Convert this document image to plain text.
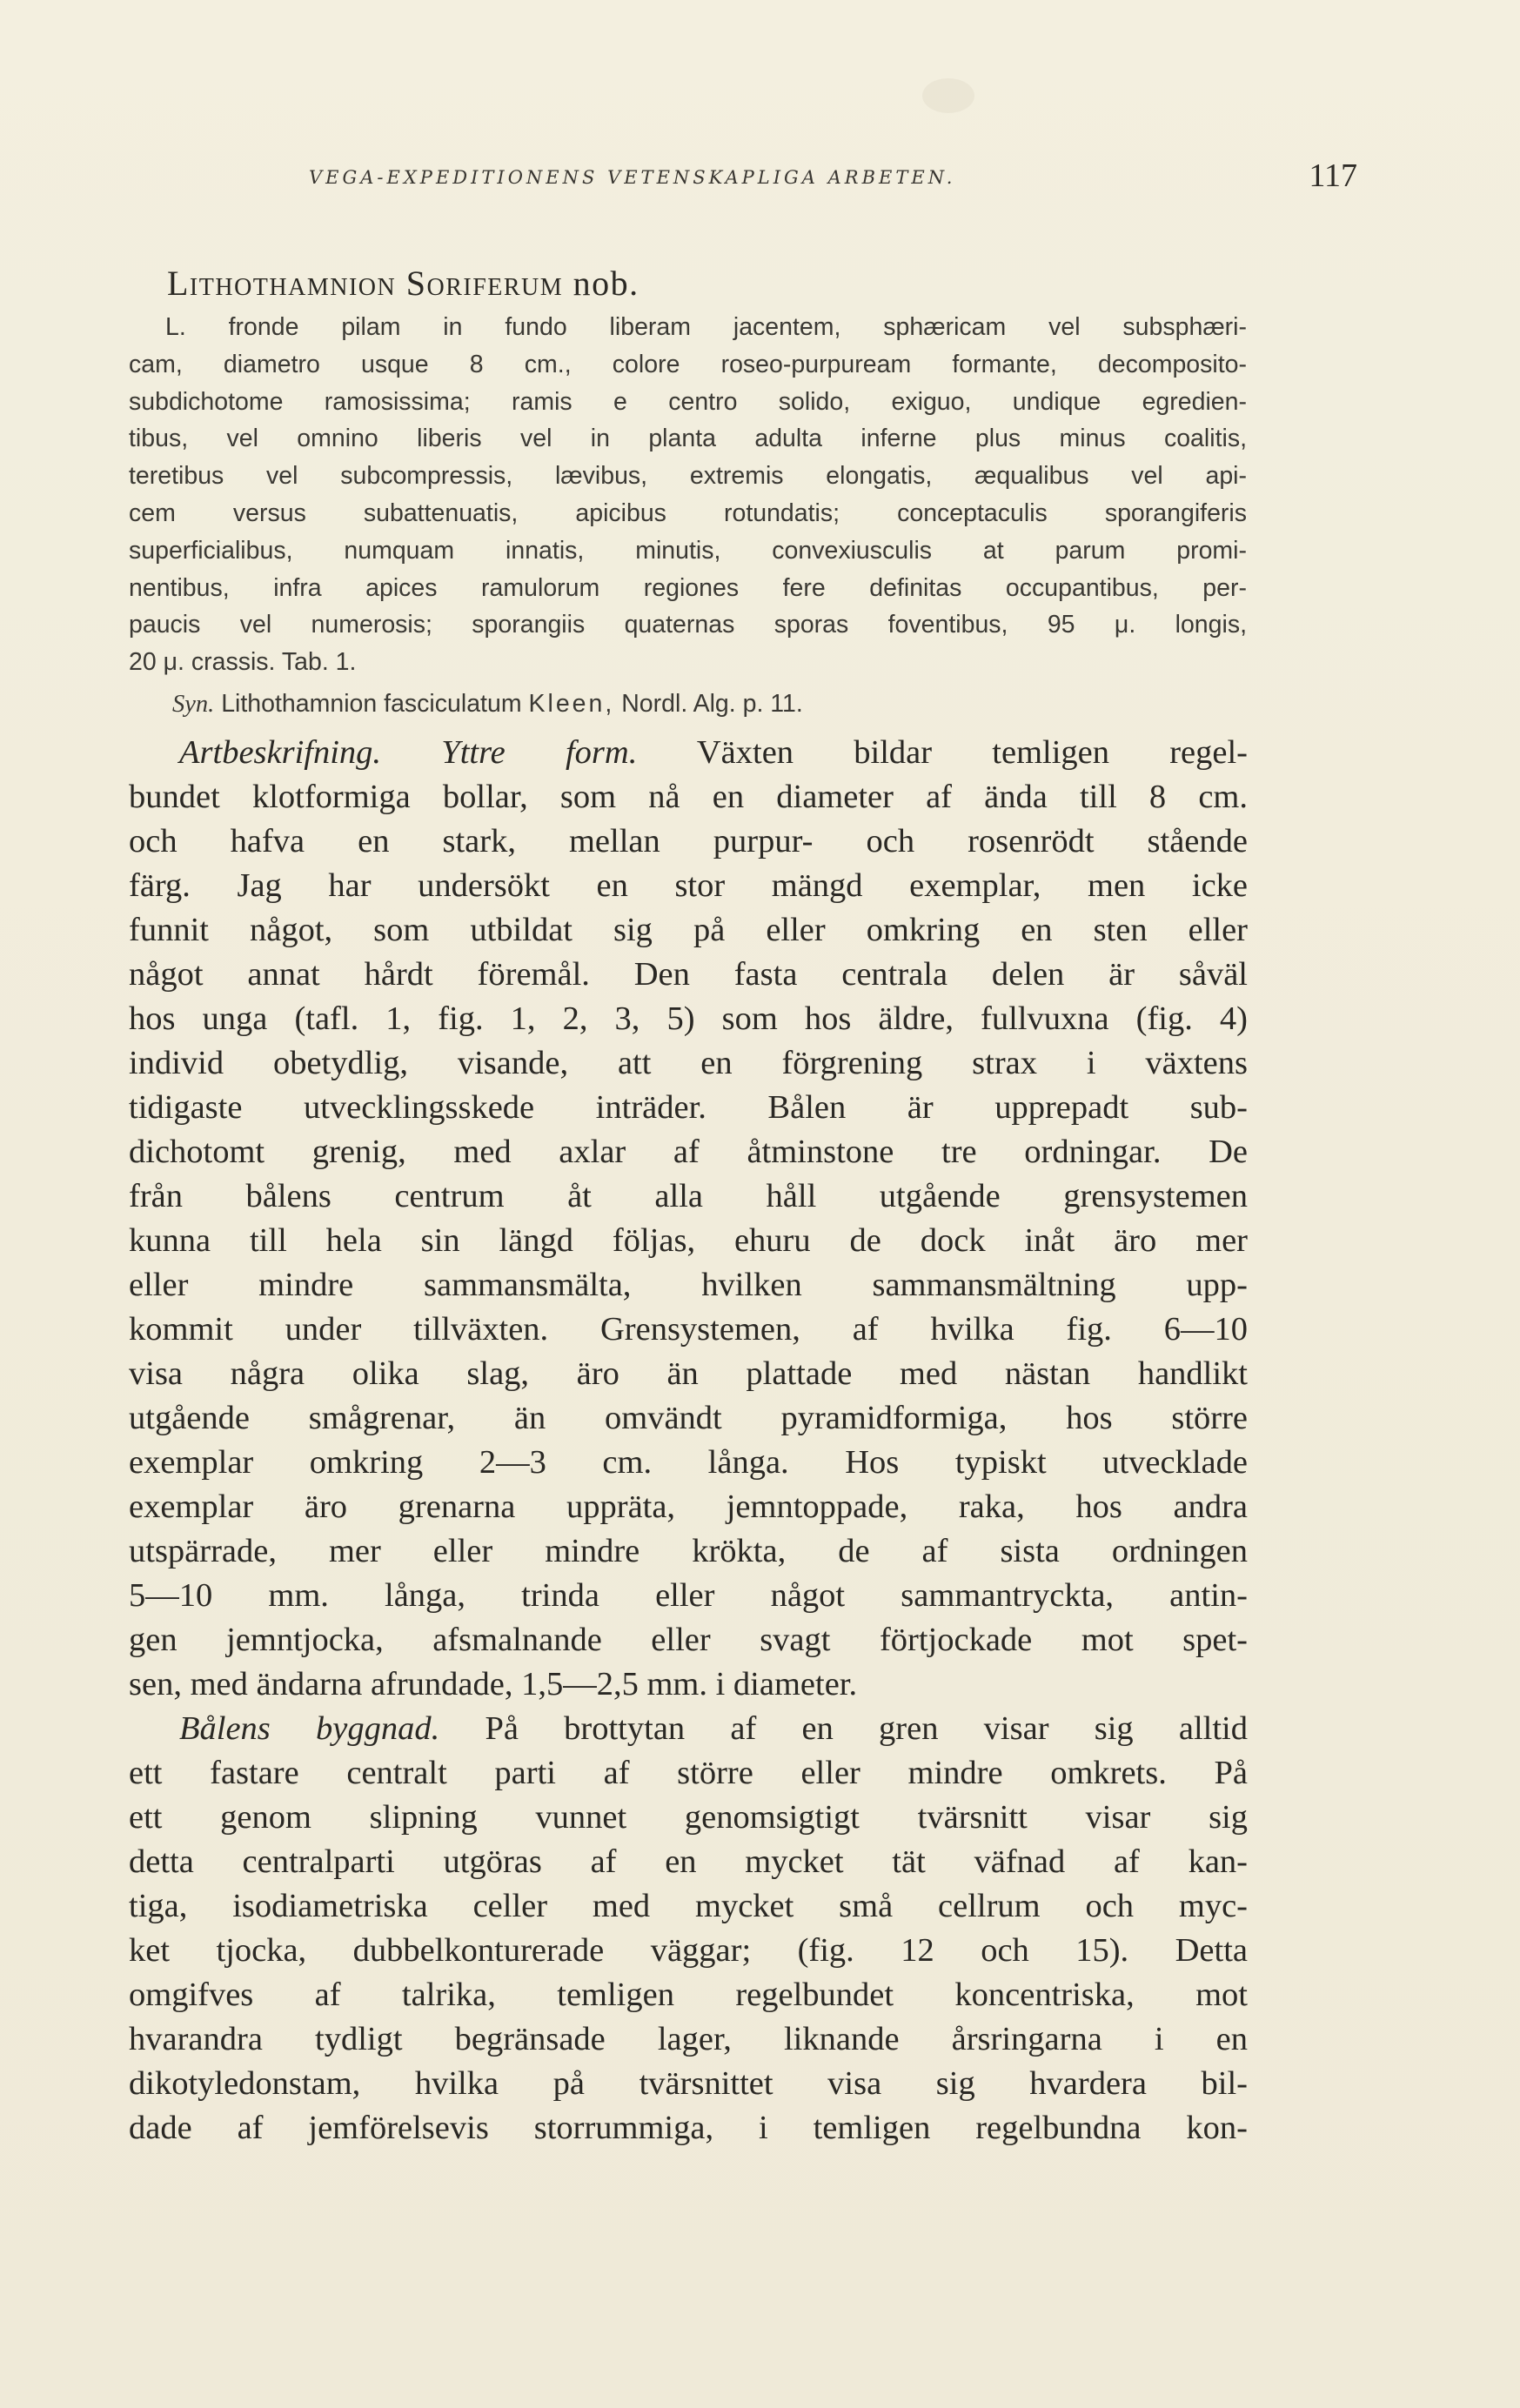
VEGA-EXPEDITIONENS VETENSKAPLIGA ARBETEN.	117
Lithothamnion Soriferum nob.
L. fronde pilam in fundo liberam jacentem, sphæricam vel subsphæri-
cam, diametro usque 8 cm., colore roseo-purpuream formante, decomposito-
subdichotome ramosissima; ramis e centro solido, exiguo, undique egredien-
tibus, vel omnino liberis vel in planta adulta inferne plus minus coalitis,
teretibus vel subcompressis, lævibus, extremis elongatis, æqualibus vel api-
cem versus subattenuatis, apicibus rotundatis; conceptaculis sporangiferis
superficialibus, numquam innatis, minutis, convexiusculis at parum promi-
nentibus, infra apices ramulorum regiones fere definitas occupantibus, per-
paucis vel numerosis; sporangiis quaternas sporas foventibus, 95 μ. longis,
20 μ. crassis. Tab. 1.
Syn. Lithothamnion fasciculatum Kleen, Nordl. Alg. p. 11.
Artbeskrifning. Yttre form. Växten bildar temligen regel-
bundet klotformiga bollar, som nå en diameter af ända till 8 cm.
och hafva en stark, mellan purpur- och rosenrödt stående
färg. Jag har undersökt en stor mängd exemplar, men icke
funnit något, som utbildat sig på eller omkring en sten eller
något annat hårdt föremål. Den fasta centrala delen är såväl
hos unga (tafl. 1, fig. 1, 2, 3, 5) som hos äldre, fullvuxna (fig. 4)
individ obetydlig, visande, att en förgrening strax i växtens
tidigaste utvecklingsskede inträder. Bålen är upprepadt sub-
dichotomt grenig, med axlar af åtminstone tre ordningar. De
från bålens centrum åt alla håll utgående grensystemen
kunna till hela sin längd följas, ehuru de dock inåt äro mer
eller mindre sammansmälta, hvilken sammansmältning upp-
kommit under tillväxten. Grensystemen, af hvilka fig. 6—10
visa några olika slag, äro än plattade med nästan handlikt
utgående smågrenar, än omvändt pyramidformiga, hos större
exemplar omkring 2—3 cm. långa. Hos typiskt utvecklade
exemplar äro grenarna uppräta, jemntoppade, raka, hos andra
utspärrade, mer eller mindre krökta, de af sista ordningen
5—10 mm. långa, trinda eller något sammantryckta, antin-
gen jemntjocka, afsmalnande eller svagt förtjockade mot spet-
sen, med ändarna afrundade, 1,5—2,5 mm. i diameter.
Bålens byggnad. På brottytan af en gren visar sig alltid
ett fastare centralt parti af större eller mindre omkrets. På
ett genom slipning vunnet genomsigtigt tvärsnitt visar sig
detta centralparti utgöras af en mycket tät väfnad af kan-
tiga, isodiametriska celler med mycket små cellrum och myc-
ket tjocka, dubbelkonturerade väggar; (fig. 12 och 15). Detta
omgifves af talrika, temligen regelbundet koncentriska, mot
hvarandra tydligt begränsade lager, liknande årsringarna i en
dikotyledonstam, hvilka på tvärsnittet visa sig hvardera bil-
dade af jemförelsevis storrummiga, i temligen regelbundna kon-
